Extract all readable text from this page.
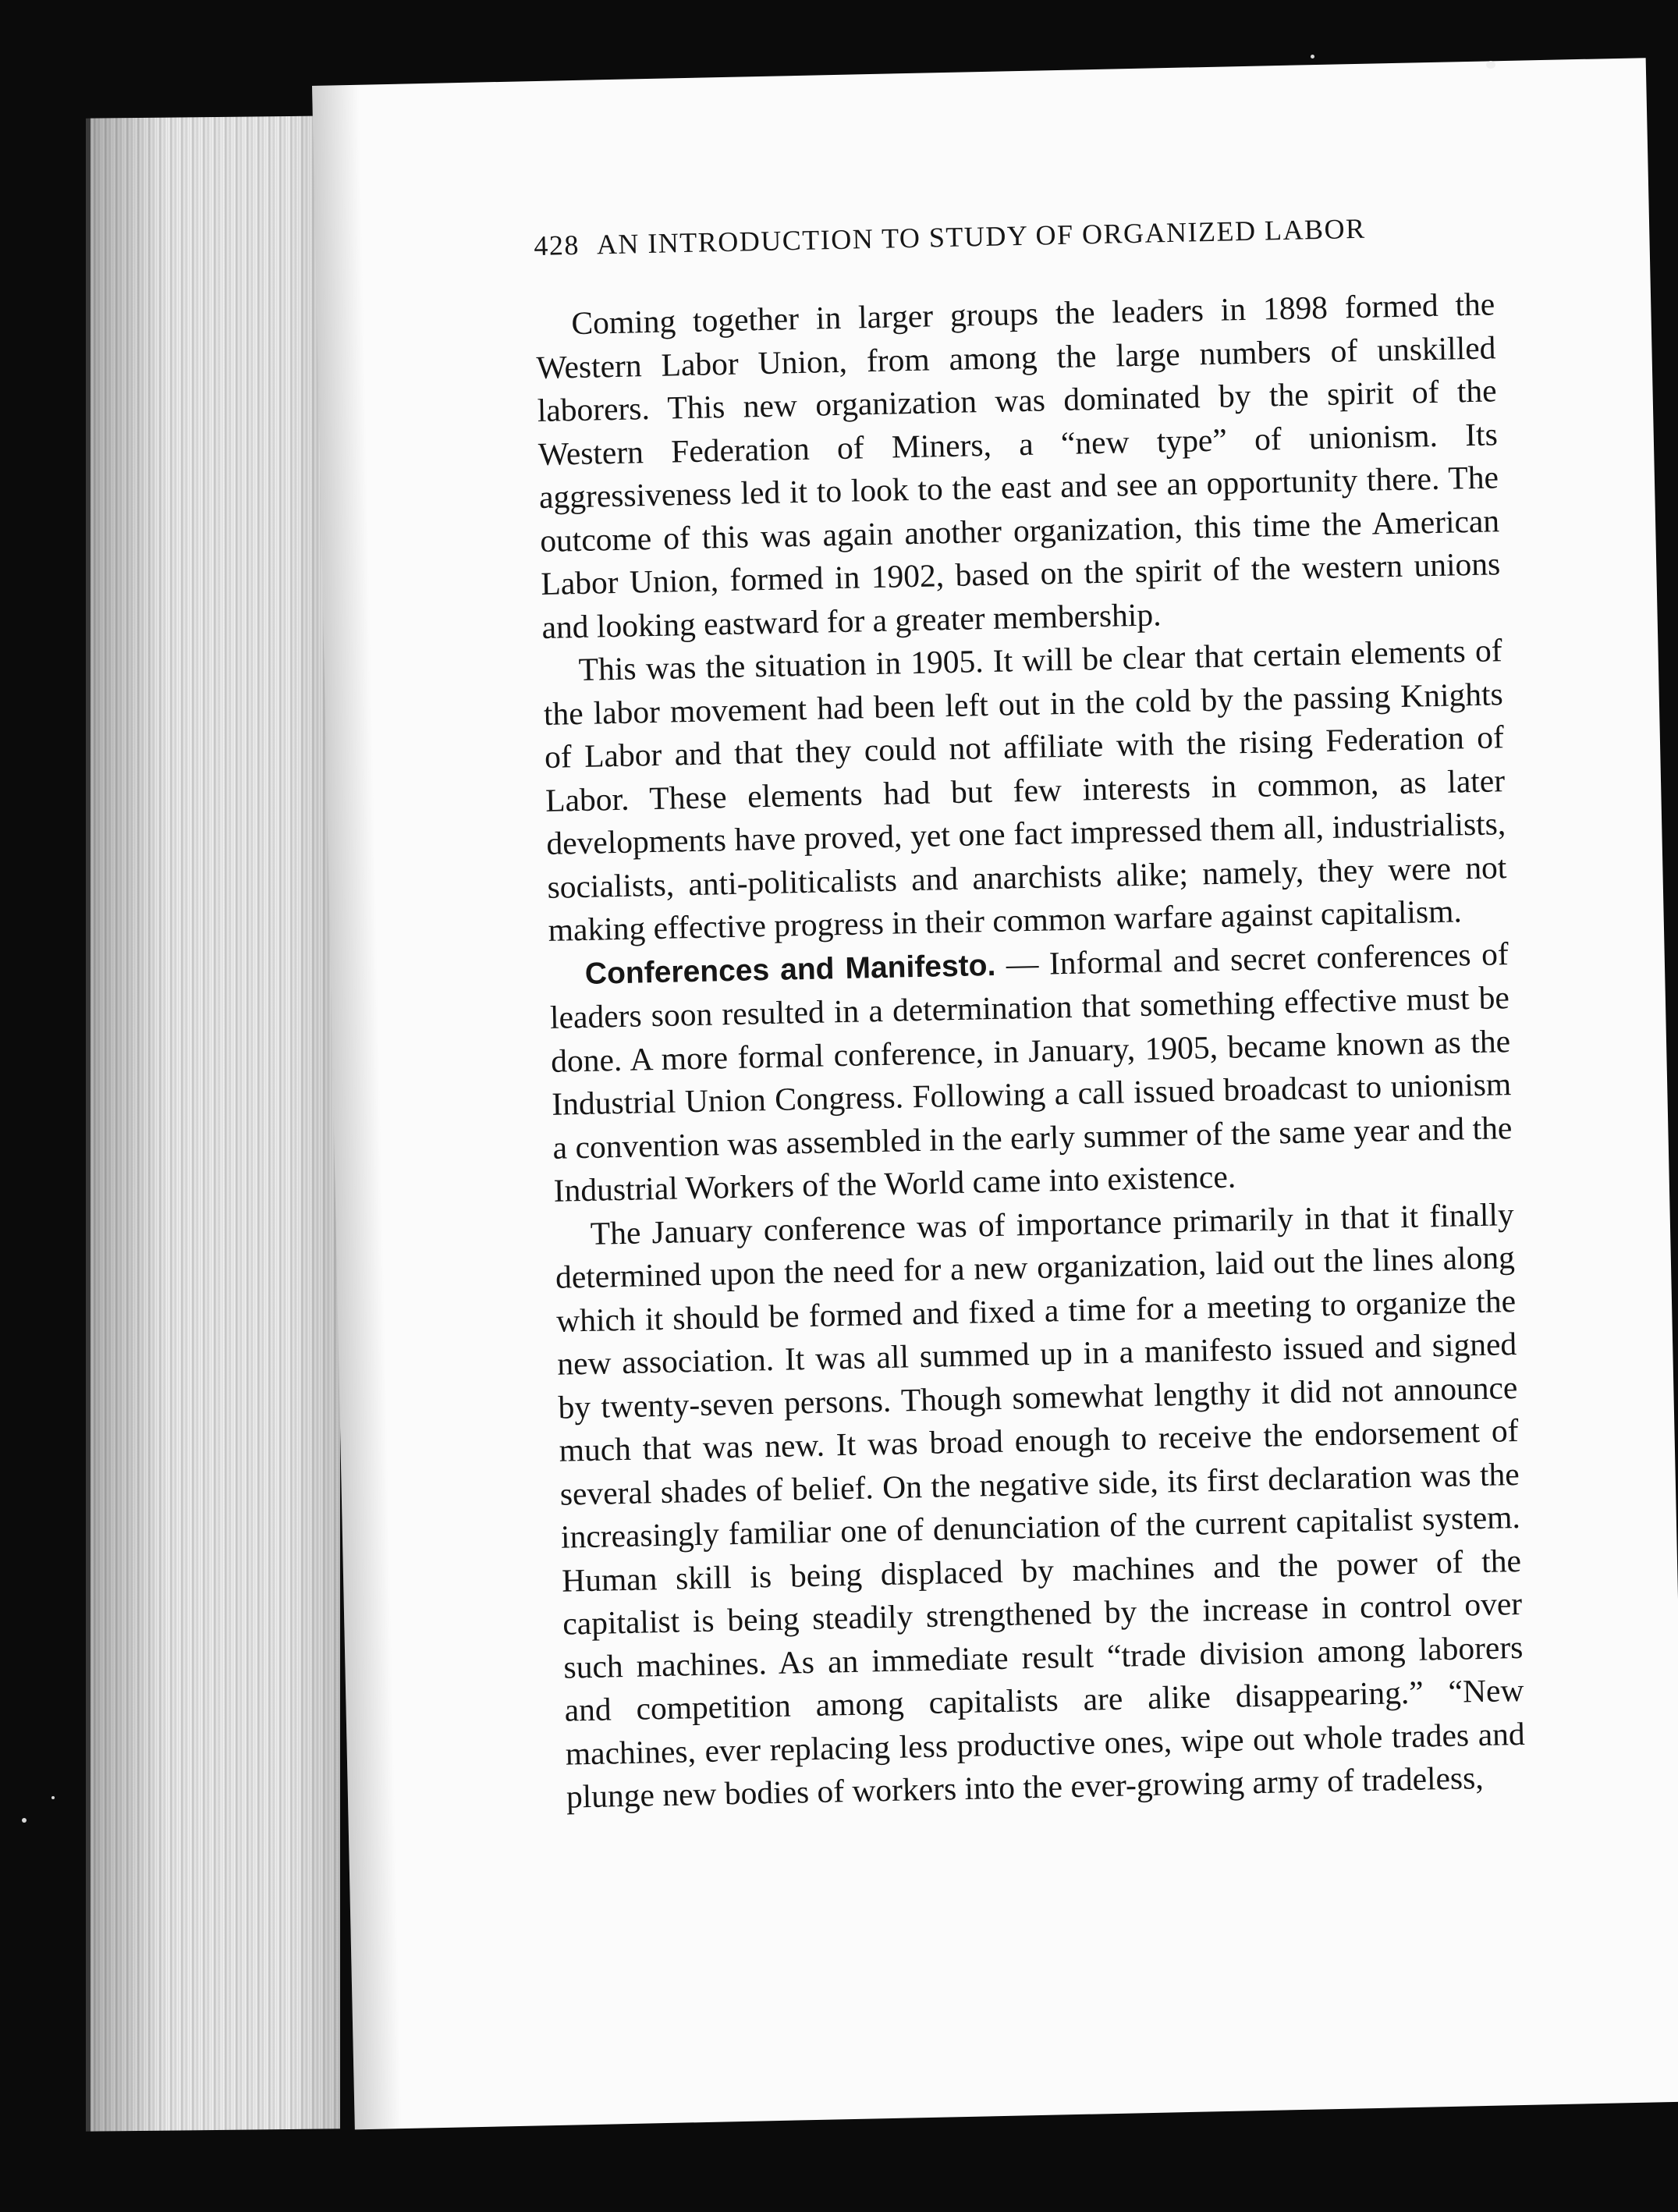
428 AN INTRODUCTION TO STUDY OF ORGANIZED LABOR

Coming together in larger groups the leaders in 1898 formed the Western Labor Union, from among the large numbers of unskilled laborers. This new organization was dominated by the spirit of the Western Federation of Miners, a “new type” of unionism. Its aggressiveness led it to look to the east and see an opportunity there. The outcome of this was again another organization, this time the American Labor Union, formed in 1902, based on the spirit of the western unions and looking eastward for a greater membership.

This was the situation in 1905. It will be clear that certain elements of the labor movement had been left out in the cold by the passing Knights of Labor and that they could not affiliate with the rising Federation of Labor. These elements had but few interests in common, as later developments have proved, yet one fact impressed them all, industrialists, socialists, anti-politicalists and anarchists alike; namely, they were not making effective progress in their common warfare against capitalism.

Conferences and Manifesto. — Informal and secret conferences of leaders soon resulted in a determination that something effective must be done. A more formal conference, in January, 1905, became known as the Industrial Union Congress. Following a call issued broadcast to unionism a convention was assembled in the early summer of the same year and the Industrial Workers of the World came into existence.

The January conference was of importance primarily in that it finally determined upon the need for a new organization, laid out the lines along which it should be formed and fixed a time for a meeting to organize the new association. It was all summed up in a manifesto issued and signed by twenty-seven persons. Though somewhat lengthy it did not announce much that was new. It was broad enough to receive the endorsement of several shades of belief. On the negative side, its first declaration was the increasingly familiar one of denunciation of the current capitalist system. Human skill is being displaced by machines and the power of the capitalist is being steadily strengthened by the increase in control over such machines. As an immediate result “trade division among laborers and competition among capitalists are alike disappearing.” “New machines, ever replacing less productive ones, wipe out whole trades and plunge new bodies of workers into the ever-growing army of tradeless,
